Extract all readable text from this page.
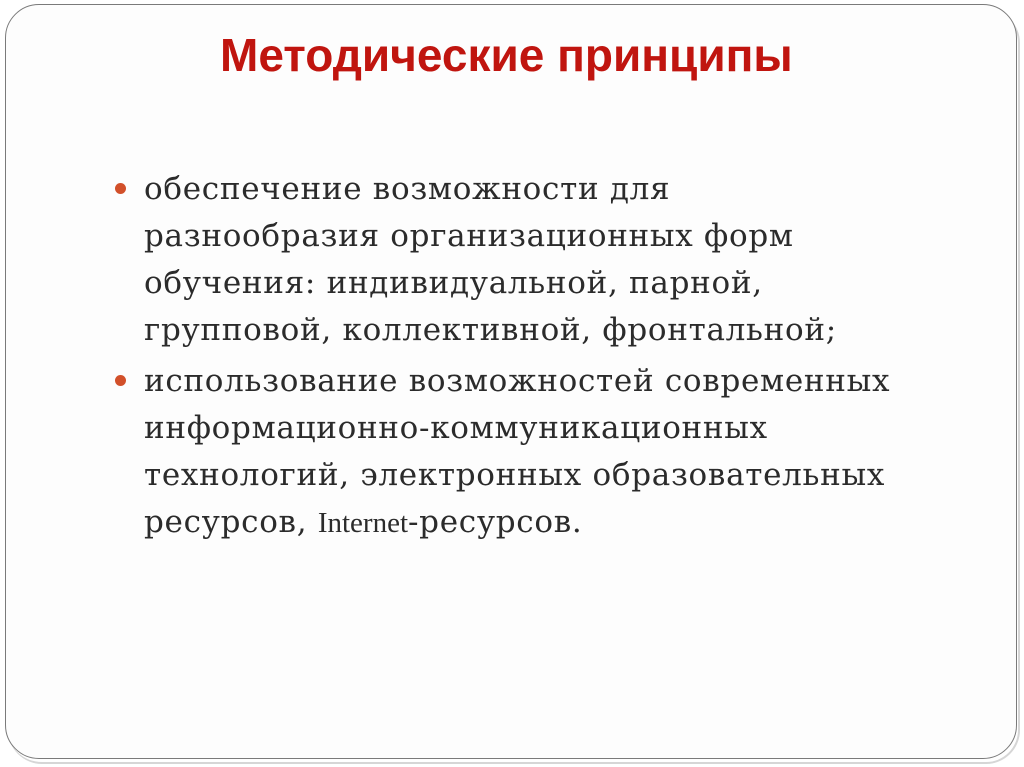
Методические принципы
обеспечение возможности для разнообразия организационных форм обучения: индивидуальной, парной, групповой, коллективной, фронтальной;
использование возможностей современных информационно-коммуникационных технологий, электронных образовательных ресурсов, Internet-ресурсов.
